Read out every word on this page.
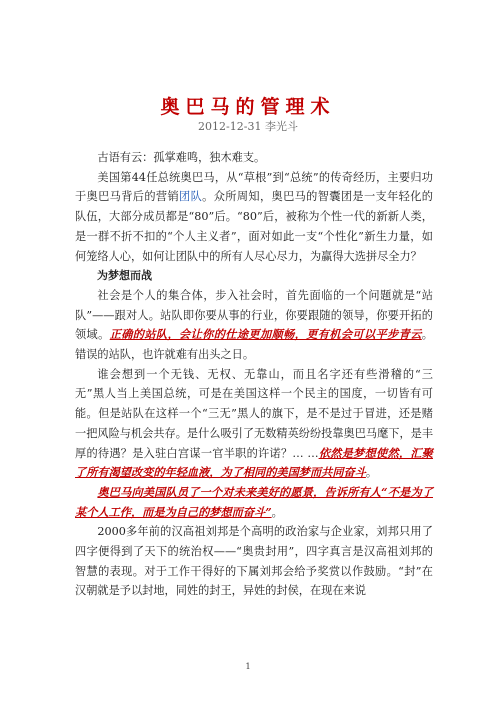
奥巴马的管理术
2012-12-31 李光斗

古语有云：孤掌难鸣，独木难支。

美国第44任总统奥巴马，从“草根”到“总统”的传奇经历，主要归功于奥巴马背后的营销团队。众所周知，奥巴马的智囊团是一支年轻化的队伍，大部分成员都是“80”后。“80”后，被称为个性一代的新新人类，是一群不折不扣的“个人主义者”，面对如此一支“个性化”新生力量，如何笼络人心，如何让团队中的所有人尽心尽力，为赢得大选拼尽全力？

为梦想而战

社会是个人的集合体，步入社会时，首先面临的一个问题就是“站队”——跟对人。站队即你要从事的行业，你要跟随的领导，你要开拓的领域。正确的站队，会让你的仕途更加顺畅，更有机会可以平步青云。错误的站队，也许就难有出头之日。

谁会想到一个无钱、无权、无靠山，而且名字还有些滑稽的“三无”黑人当上美国总统，可是在美国这样一个民主的国度，一切皆有可能。但是站队在这样一个“三无”黑人的旗下，是不是过于冒进，还是赌一把风险与机会共存。是什么吸引了无数精英纷纷投靠奥巴马麾下，是丰厚的待遇？是入驻白宫谋一官半职的许诺？… …依然是梦想使然，汇聚了所有渴望改变的年轻血液，为了相同的美国梦而共同奋斗。

奥巴马向美国队员了一个对未来美好的愿景，告诉所有人“不是为了某个人工作，而是为自己的梦想而奋斗”。

2000多年前的汉高祖刘邦是个高明的政治家与企业家，刘邦只用了四字便得到了天下的统治权——“奥贵封用”，四字真言是汉高祖刘邦的智慧的表现。对于工作干得好的下属刘邦会给予奖赏以作鼓励。“封”在汉朝就是予以封地，同姓的封王，异姓的封侯，在现在来说

1
